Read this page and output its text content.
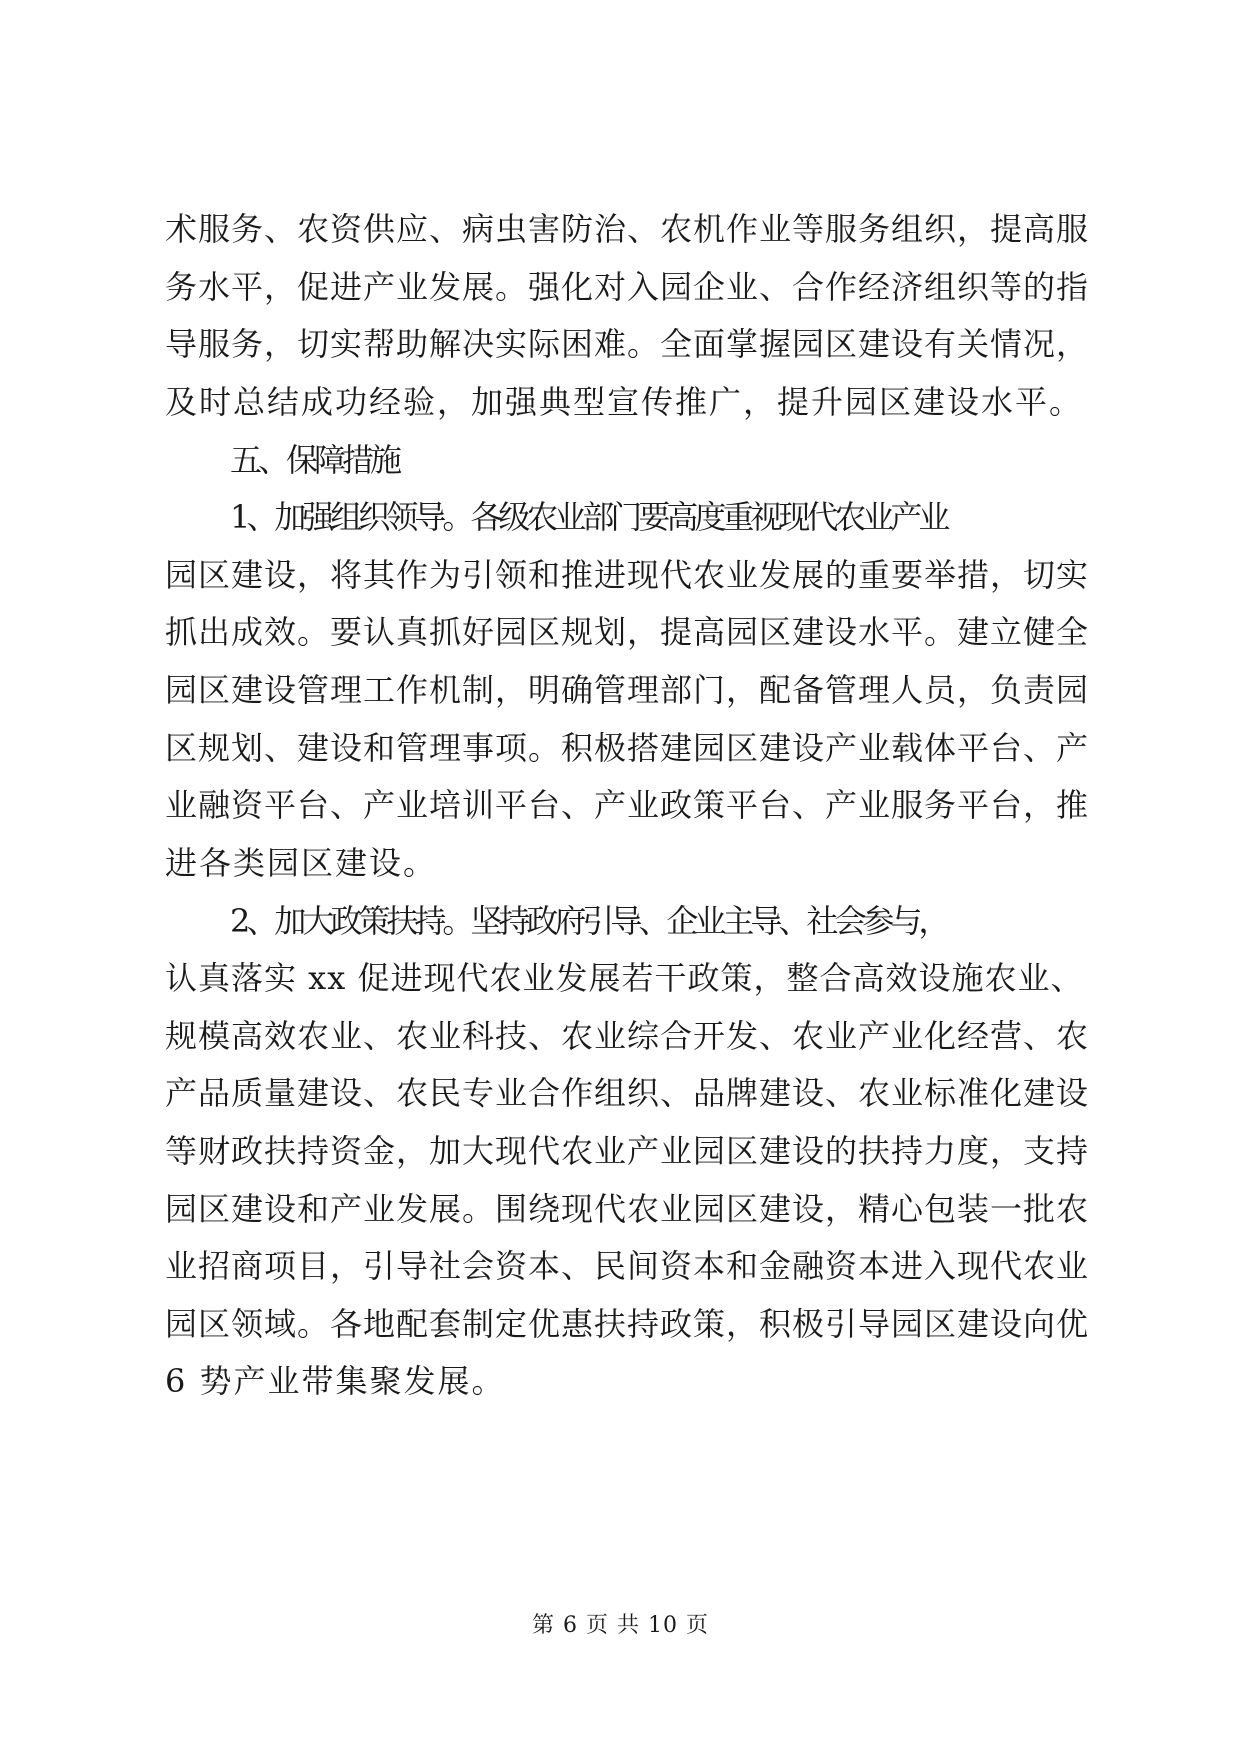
术服务、农资供应、病虫害防治、农机作业等服务组织，提高服
务水平，促进产业发展。强化对入园企业、合作经济组织等的指
导服务，切实帮助解决实际困难。全面掌握园区建设有关情况，
及时总结成功经验，加强典型宣传推广，提升园区建设水平。
五、保障措施
1、加强组织领导。各级农业部门要高度重视现代农业产业
园区建设，将其作为引领和推进现代农业发展的重要举措，切实
抓出成效。要认真抓好园区规划，提高园区建设水平。建立健全
园区建设管理工作机制，明确管理部门，配备管理人员，负责园
区规划、建设和管理事项。积极搭建园区建设产业载体平台、产
业融资平台、产业培训平台、产业政策平台、产业服务平台，推
进各类园区建设。
2、加大政策扶持。坚持政府引导、企业主导、社会参与，
认真落实 xx 促进现代农业发展若干政策，整合高效设施农业、
规模高效农业、农业科技、农业综合开发、农业产业化经营、农
产品质量建设、农民专业合作组织、品牌建设、农业标准化建设
等财政扶持资金，加大现代农业产业园区建设的扶持力度，支持
园区建设和产业发展。围绕现代农业园区建设，精心包装一批农
业招商项目，引导社会资本、民间资本和金融资本进入现代农业
园区领域。各地配套制定优惠扶持政策，积极引导园区建设向优
6 势产业带集聚发展。
第 6 页 共 10 页
